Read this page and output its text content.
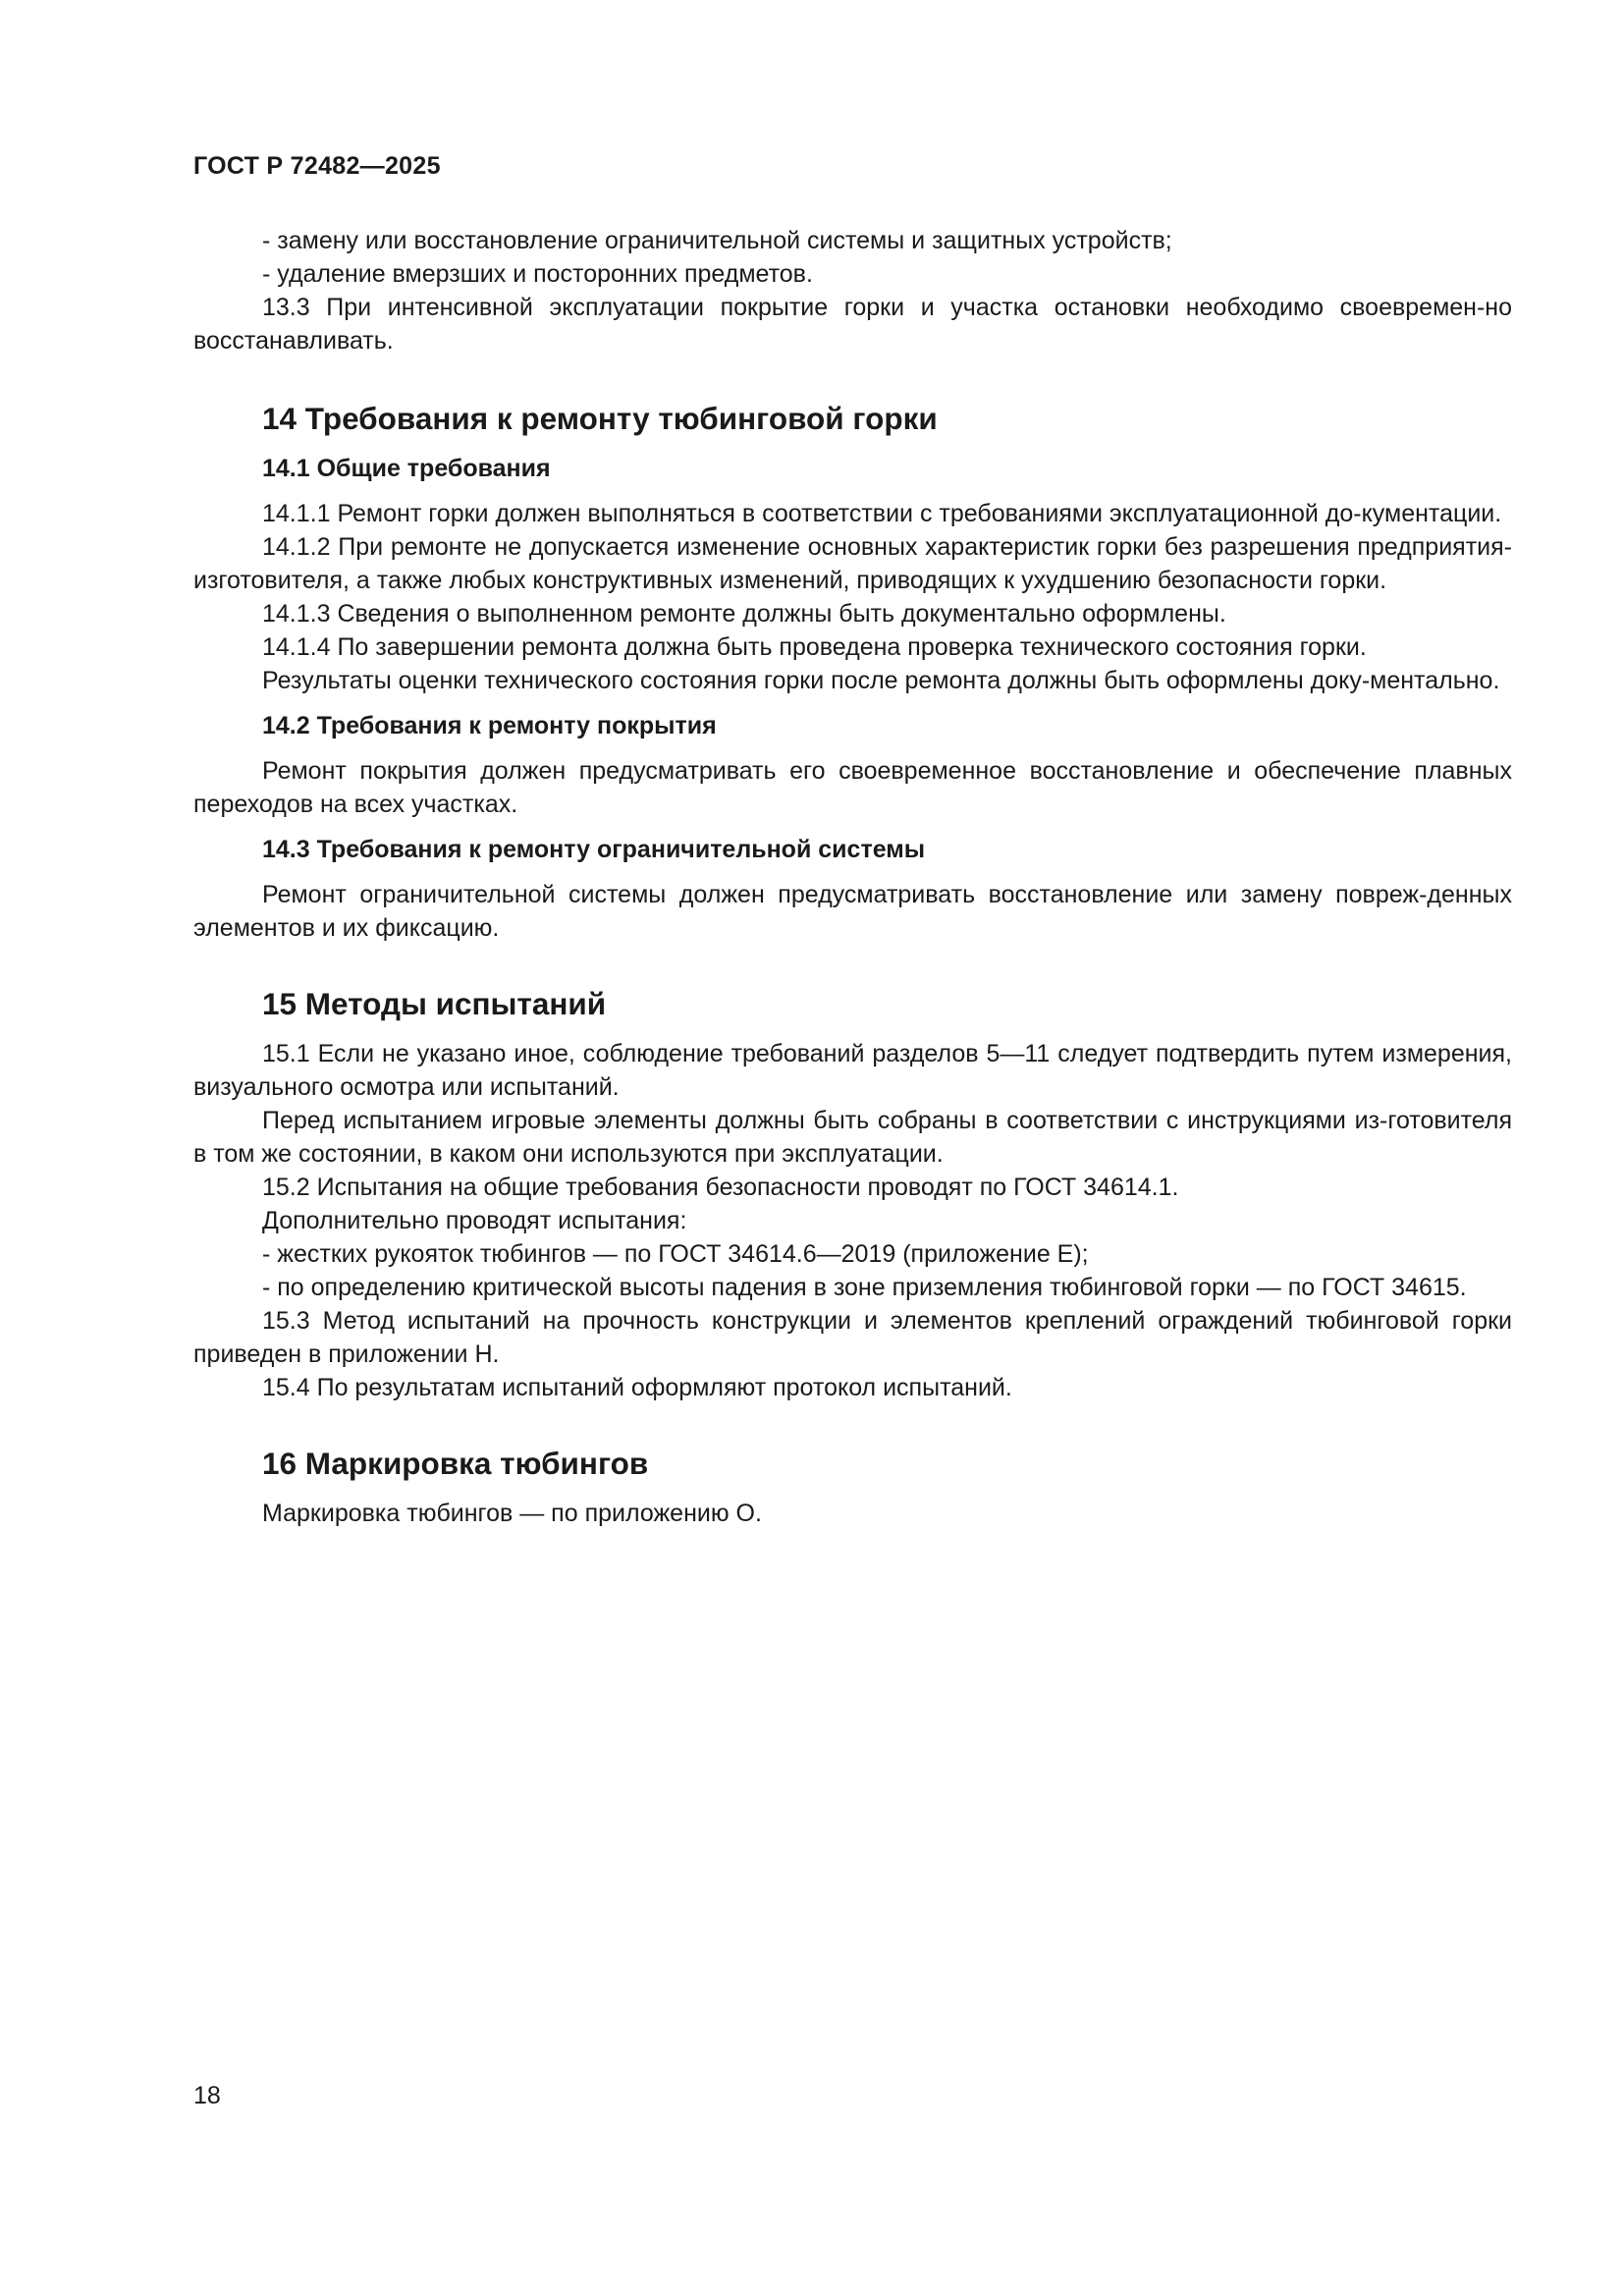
ГОСТ Р 72482—2025

- замену или восстановление ограничительной системы и защитных устройств;

- удаление вмерзших и посторонних предметов.

13.3 При интенсивной эксплуатации покрытие горки и участка остановки необходимо своевремен-но восстанавливать.

14 Требования к ремонту тюбинговой горки
14.1 Общие требования

14.1.1 Ремонт горки должен выполняться в соответствии с требованиями эксплуатационной до-кументации.

14.1.2 При ремонте не допускается изменение основных характеристик горки без разрешения предприятия-изготовителя, а также любых конструктивных изменений, приводящих к ухудшению безопасности горки.

14.1.3 Сведения о выполненном ремонте должны быть документально оформлены.

14.1.4 По завершении ремонта должна быть проведена проверка технического состояния горки.

Результаты оценки технического состояния горки после ремонта должны быть оформлены доку-ментально.

14.2 Требования к ремонту покрытия

Ремонт покрытия должен предусматривать его своевременное восстановление и обеспечение плавных переходов на всех участках.

14.3 Требования к ремонту ограничительной системы

Ремонт ограничительной системы должен предусматривать восстановление или замену повреж-денных элементов и их фиксацию.

15 Методы испытаний

15.1 Если не указано иное, соблюдение требований разделов 5—11 следует подтвердить путем измерения, визуального осмотра или испытаний.

Перед испытанием игровые элементы должны быть собраны в соответствии с инструкциями из-готовителя в том же состоянии, в каком они используются при эксплуатации.

15.2 Испытания на общие требования безопасности проводят по ГОСТ 34614.1.

Дополнительно проводят испытания:

- жестких рукояток тюбингов — по ГОСТ 34614.6—2019 (приложение Е);

- по определению критической высоты падения в зоне приземления тюбинговой горки — по ГОСТ 34615.

15.3 Метод испытаний на прочность конструкции и элементов креплений ограждений тюбинговой горки приведен в приложении Н.

15.4 По результатам испытаний оформляют протокол испытаний.

16 Маркировка тюбингов

Маркировка тюбингов — по приложению О.

18
